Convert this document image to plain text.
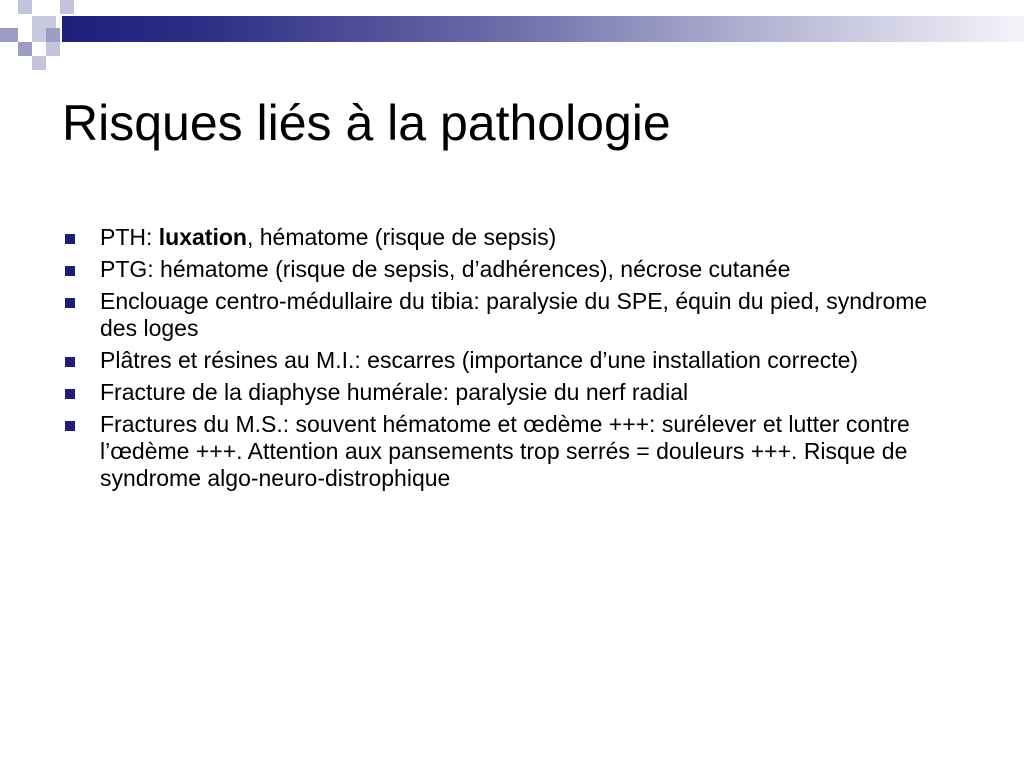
Risques liés à la pathologie
PTH: luxation, hématome (risque de sepsis)
PTG: hématome (risque de sepsis, d’adhérences), nécrose cutanée
Enclouage centro-médullaire du tibia: paralysie du SPE, équin du pied, syndrome des loges
Plâtres et résines au M.I.: escarres (importance d’une installation correcte)
Fracture de la diaphyse humérale: paralysie du nerf radial
Fractures du M.S.: souvent hématome et œdème +++: surélever et lutter contre l’œdème +++. Attention aux pansements trop serrés = douleurs +++. Risque de syndrome algo-neuro-distrophique
